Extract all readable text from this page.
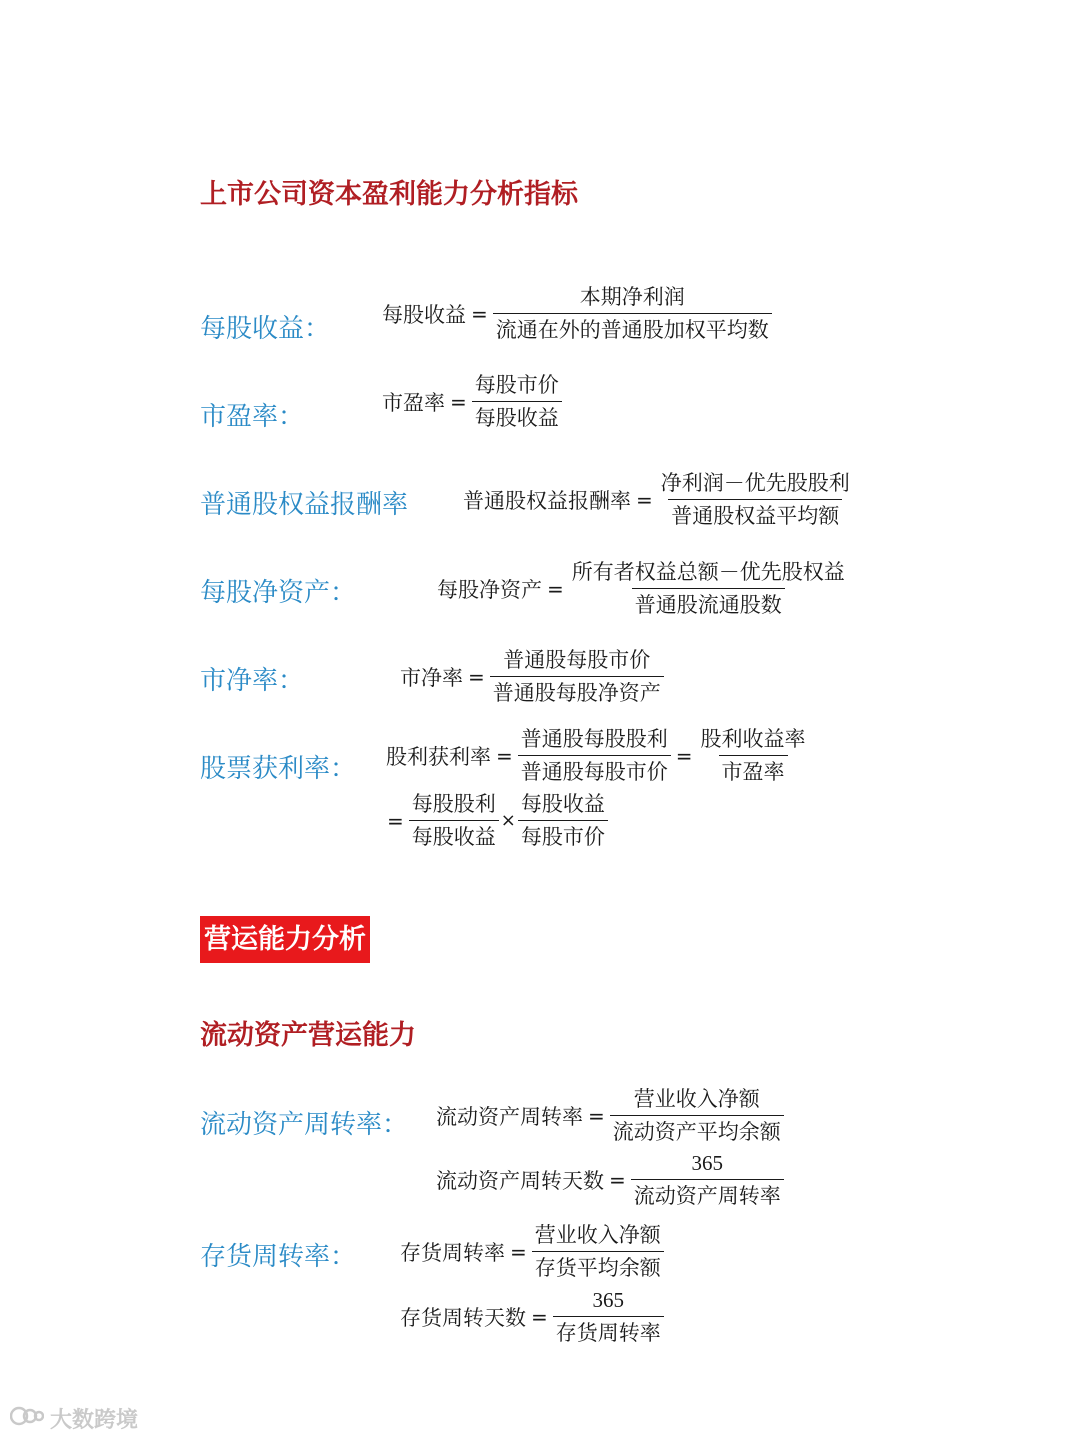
上市公司资本盈利能力分析指标
每股收益： 每股收益 = $\frac{\text{本期净利润}}{\text{流通在外的普通股加权平均数}}$
市盈率：	市盈率 = $\frac{\text{每股市价}}{\text{每股收益}}$
普通股权益报酬率	普通股权益报酬率 = $\frac{\text{净利润－优先股股利}}{\text{普通股权益平均额}}$
每股净资产：	每股净资产 = $\frac{\text{所有者权益总额－优先股权益}}{\text{普通股流通股数}}$
市净率：	市净率 = $\frac{\text{普通股每股市价}}{\text{普通股每股净资产}}$
股票获利率： 股利获利率 = $\frac{\text{普通股每股股利}}{\text{普通股每股市价}} = \frac{\text{股利收益率}}{\text{市盈率}}$
= $\frac{\text{每股股利}}{\text{每股收益}} \times \frac{\text{每股收益}}{\text{每股市价}}$
营运能力分析
流动资产营运能力
流动资产周转率： 流动资产周转率 = $\frac{\text{营业收入净额}}{\text{流动资产平均余额}}$
流动资产周转天数 = $\frac{365}{\text{流动资产周转率}}$
存货周转率： 存货周转率 = $\frac{\text{营业收入净额}}{\text{存货平均余额}}$
存货周转天数 = $\frac{365}{\text{存货周转率}}$
大数跨境
